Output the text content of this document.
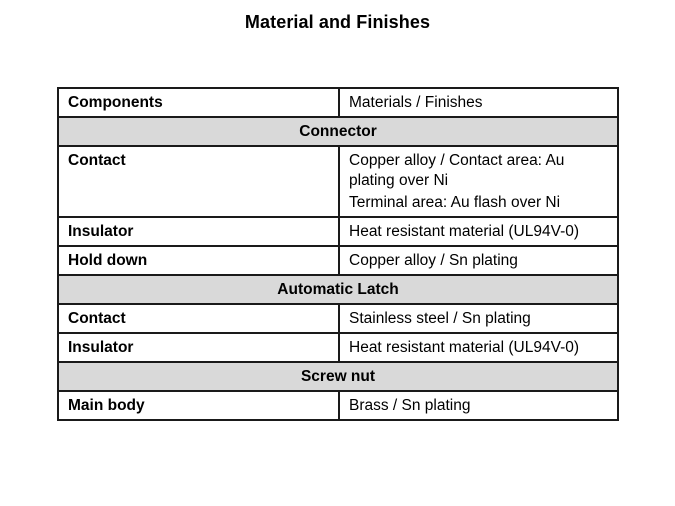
Material and Finishes
Components	Materials / Finishes
Connector	
Contact	Copper alloy / Contact area: Au plating over Ni
Terminal area: Au flash over Ni

Insulator	Heat resistant material (UL94V-0)

Hold down	Copper alloy / Sn plating

Automatic Latch	
Contact	Stainless steel / Sn plating

Insulator	Heat resistant material (UL94V-0)

Screw nut	
Main body	Brass / Sn plating
